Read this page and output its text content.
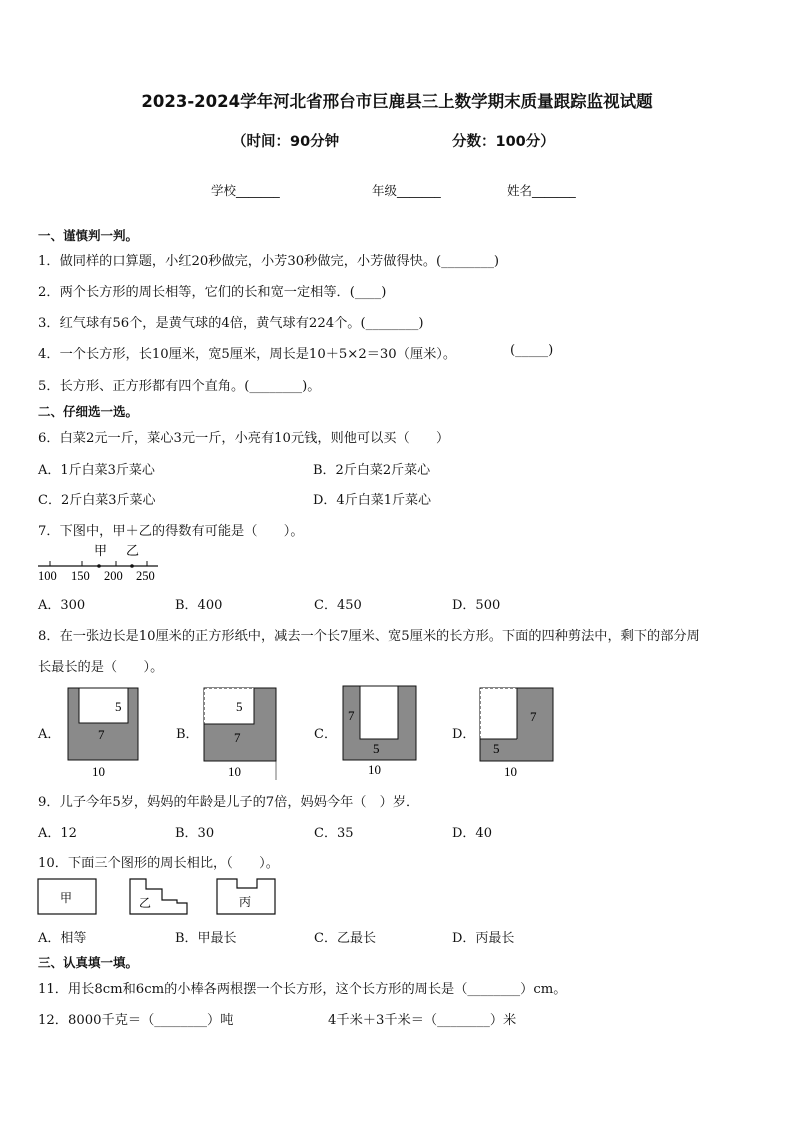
2023-2024学年河北省邢台市巨鹿县三上数学期末质量跟踪监视试题
（时间：90分钟	分数：100分）
学校_______	年级_______	姓名_______
一、谨慎判一判。
1．做同样的口算题，小红20秒做完，小芳30秒做完，小芳做得快。(________)
2．两个长方形的周长相等，它们的长和宽一定相等．(____)
3．红气球有56个，是黄气球的4倍，黄气球有224个。(________)
4．一个长方形，长10厘米，宽5厘米，周长是10＋5×2＝30（厘米）。	(_____)
5．长方形、正方形都有四个直角。(________)。
二、仔细选一选。
6．白菜2元一斤，菜心3元一斤，小亮有10元钱，则他可以买（　　）
A．1斤白菜3斤菜心	B．2斤白菜2斤菜心
C．2斤白菜3斤菜心	D．4斤白菜1斤菜心
7．下图中，甲＋乙的得数有可能是（　　）。
甲 乙
100 150 200 250
A．300	B．400	C．450	D．500
8．在一张边长是10厘米的正方形纸中，减去一个长7厘米、宽5厘米的长方形。下面的四种剪法中，剩下的部分周
长最长的是（　　）。
A．
5
7
10
B．
5
7
10
C．
7
5
10
D．
7
5
10
9．儿子今年5岁，妈妈的年龄是儿子的7倍，妈妈今年（　）岁．
A．12	B．30	C．35	D．40
10．下面三个图形的周长相比，（　　）。
甲	乙	丙
A．相等	B．甲最长	C．乙最长	D．丙最长
三、认真填一填。
11．用长8cm和6cm的小棒各两根摆一个长方形，这个长方形的周长是（________）cm。
12．8000千克＝（________）吨	4千米＋3千米＝（________）米
